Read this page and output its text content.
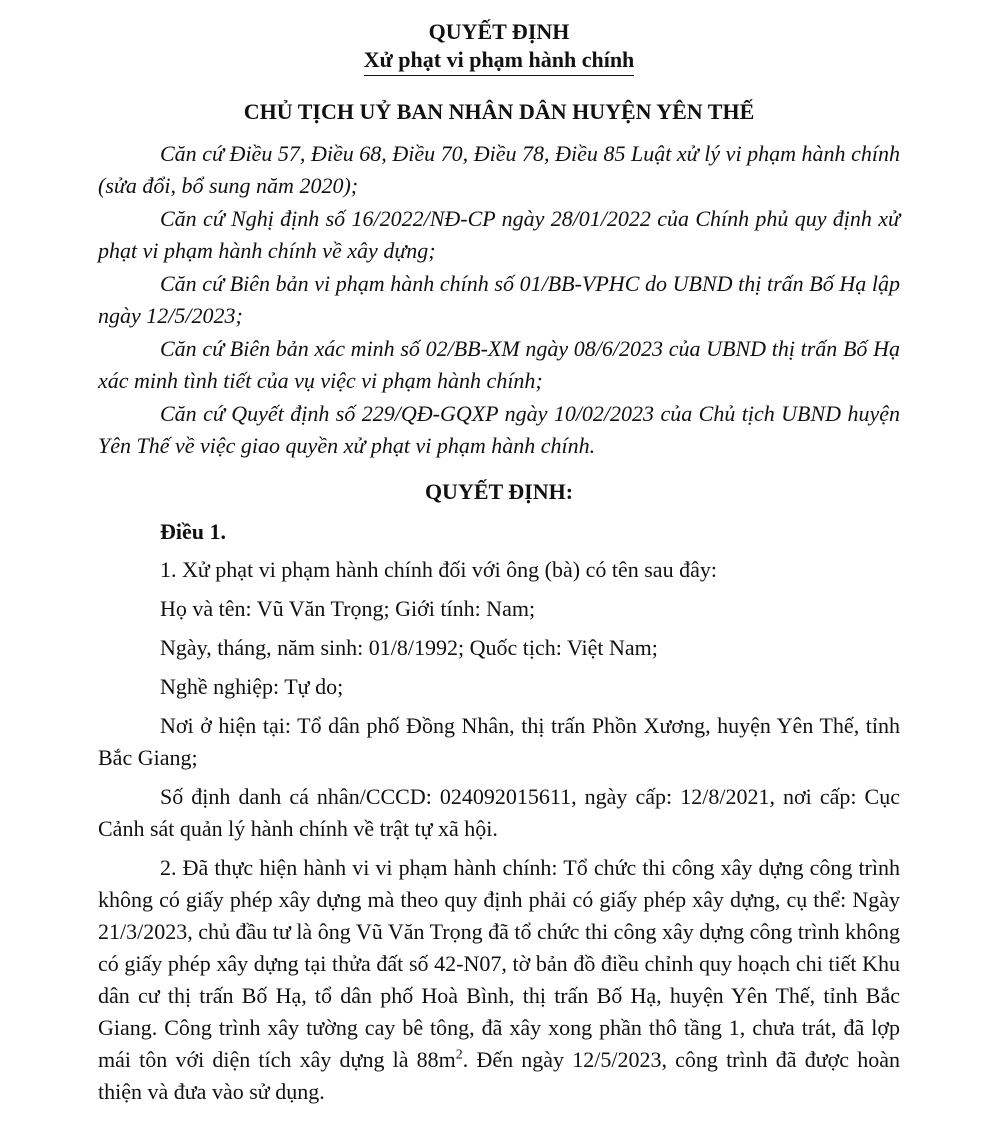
QUYẾT ĐỊNH
Xử phạt vi phạm hành chính
CHỦ TỊCH UỶ BAN NHÂN DÂN HUYỆN YÊN THẾ
Căn cứ Điều 57, Điều 68, Điều 70, Điều 78, Điều 85 Luật xử lý vi phạm hành chính (sửa đổi, bổ sung năm 2020);
Căn cứ Nghị định số 16/2022/NĐ-CP ngày 28/01/2022 của Chính phủ quy định xử phạt vi phạm hành chính về xây dựng;
Căn cứ Biên bản vi phạm hành chính số 01/BB-VPHC do UBND thị trấn Bố Hạ lập ngày 12/5/2023;
Căn cứ Biên bản xác minh số 02/BB-XM ngày 08/6/2023 của UBND thị trấn Bố Hạ xác minh tình tiết của vụ việc vi phạm hành chính;
Căn cứ Quyết định số 229/QĐ-GQXP ngày 10/02/2023 của Chủ tịch UBND huyện Yên Thế về việc giao quyền xử phạt vi phạm hành chính.
QUYẾT ĐỊNH:
Điều 1.
1. Xử phạt vi phạm hành chính đối với ông (bà) có tên sau đây:
Họ và tên: Vũ Văn Trọng; Giới tính: Nam;
Ngày, tháng, năm sinh: 01/8/1992; Quốc tịch: Việt Nam;
Nghề nghiệp: Tự do;
Nơi ở hiện tại: Tổ dân phố Đồng Nhân, thị trấn Phồn Xương, huyện Yên Thế, tỉnh Bắc Giang;
Số định danh cá nhân/CCCD: 024092015611, ngày cấp: 12/8/2021, nơi cấp: Cục Cảnh sát quản lý hành chính về trật tự xã hội.
2. Đã thực hiện hành vi vi phạm hành chính: Tổ chức thi công xây dựng công trình không có giấy phép xây dựng mà theo quy định phải có giấy phép xây dựng, cụ thể: Ngày 21/3/2023, chủ đầu tư là ông Vũ Văn Trọng đã tổ chức thi công xây dựng công trình không có giấy phép xây dựng tại thửa đất số 42-N07, tờ bản đồ điều chỉnh quy hoạch chi tiết Khu dân cư thị trấn Bố Hạ, tổ dân phố Hoà Bình, thị trấn Bố Hạ, huyện Yên Thế, tỉnh Bắc Giang. Công trình xây tường cay bê tông, đã xây xong phần thô tầng 1, chưa trát, đã lợp mái tôn với diện tích xây dựng là $88m^2$. Đến ngày 12/5/2023, công trình đã được hoàn thiện và đưa vào sử dụng.
